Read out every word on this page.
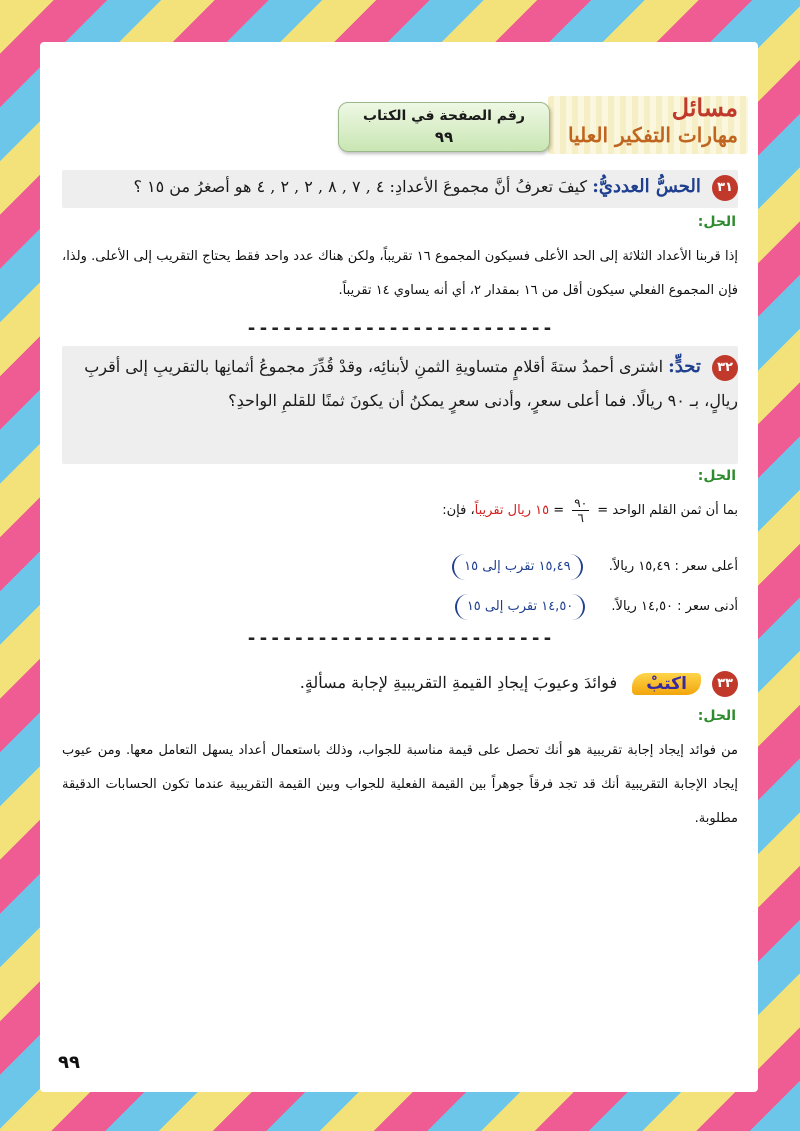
مسائل
مهارات التفكير العليا
رقم الصفحة في الكتاب
٩٩
٣١ الحسُّ العدديُّ: كيفَ تعرفُ أنَّ مجموعَ الأعدادِ: ٤ , ٧ , ٨ , ٢ , ٢ , ٤ هو أصغرُ من ١٥ ؟
الحل:
إذا قربنا الأعداد الثلاثة إلى الحد الأعلى فسيكون المجموع ١٦ تقريباً، ولكن هناك عدد واحد فقط يحتاج التقريب إلى الأعلى. ولذا، فإن المجموع الفعلي سيكون أقل من ١٦ بمقدار ٢، أي أنه يساوي ١٤ تقريباً.
--------------------------
٣٢ تحدٍّ: اشترى أحمدُ ستةَ أقلامٍ متساويةِ الثمنِ لأبنائِه، وقدْ قُدِّرَ مجموعُ أثمانِها بالتقريبِ إلى أقربِ ريالٍ، بـ ٩٠ ريالًا. فما أعلى سعرٍ، وأدنى سعرٍ يمكنُ أن يكونَ ثمنًا للقلمِ الواحدِ؟
الحل:
بما أن ثمن القلم الواحد =
$\frac{٩٠}{٦}$
= ١٥ ريال تقريباً، فإن:
أعلى سعر : ١٥,٤٩ ريالاً. ١٥,٤٩ تقرب إلى ١٥
أدنى سعر : ١٤,٥٠ ريالاً. ١٤,٥٠ تقرب إلى ١٥
--------------------------
٣٣ اكتبْ فوائدَ وعيوبَ إيجادِ القيمةِ التقريبيةِ لإجابة مسألةٍ.
الحل:
من فوائد إيجاد إجابة تقريبية هو أنك تحصل على قيمة مناسبة للجواب، وذلك باستعمال أعداد يسهل التعامل معها. ومن عيوب إيجاد الإجابة التقريبية أنك قد تجد فرقاً جوهراً بين القيمة الفعلية للجواب وبين القيمة التقريبية عندما تكون الحسابات الدقيقة مطلوبة.
٩٩
